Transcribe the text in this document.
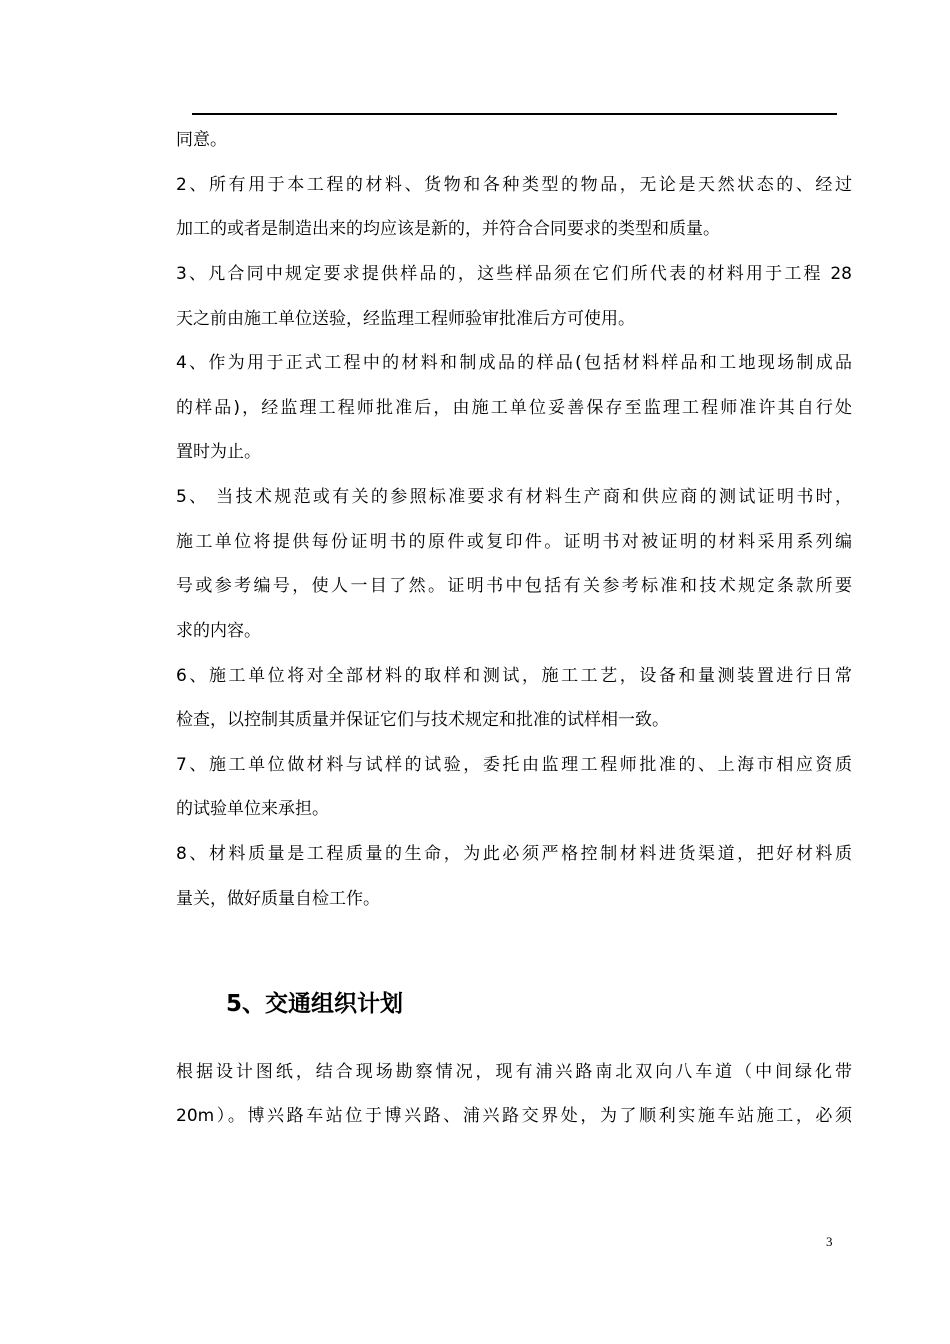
同意。
2、所有用于本工程的材料、货物和各种类型的物品，无论是天然状态的、经过
加工的或者是制造出来的均应该是新的，并符合合同要求的类型和质量。
3、凡合同中规定要求提供样品的，这些样品须在它们所代表的材料用于工程 28
天之前由施工单位送验，经监理工程师验审批准后方可使用。
4、作为用于正式工程中的材料和制成品的样品(包括材料样品和工地现场制成品
的样品)，经监理工程师批准后，由施工单位妥善保存至监理工程师准许其自行处
置时为止。
5、 当技术规范或有关的参照标准要求有材料生产商和供应商的测试证明书时，
施工单位将提供每份证明书的原件或复印件。证明书对被证明的材料采用系列编
号或参考编号，使人一目了然。证明书中包括有关参考标准和技术规定条款所要
求的内容。
6、施工单位将对全部材料的取样和测试，施工工艺，设备和量测装置进行日常
检查，以控制其质量并保证它们与技术规定和批准的试样相一致。
7、施工单位做材料与试样的试验，委托由监理工程师批准的、上海市相应资质
的试验单位来承担。
8、材料质量是工程质量的生命，为此必须严格控制材料进货渠道，把好材料质
量关，做好质量自检工作。
5、交通组织计划
根据设计图纸，结合现场勘察情况，现有浦兴路南北双向八车道（中间绿化带
20m）。博兴路车站位于博兴路、浦兴路交界处，为了顺利实施车站施工，必须
3
